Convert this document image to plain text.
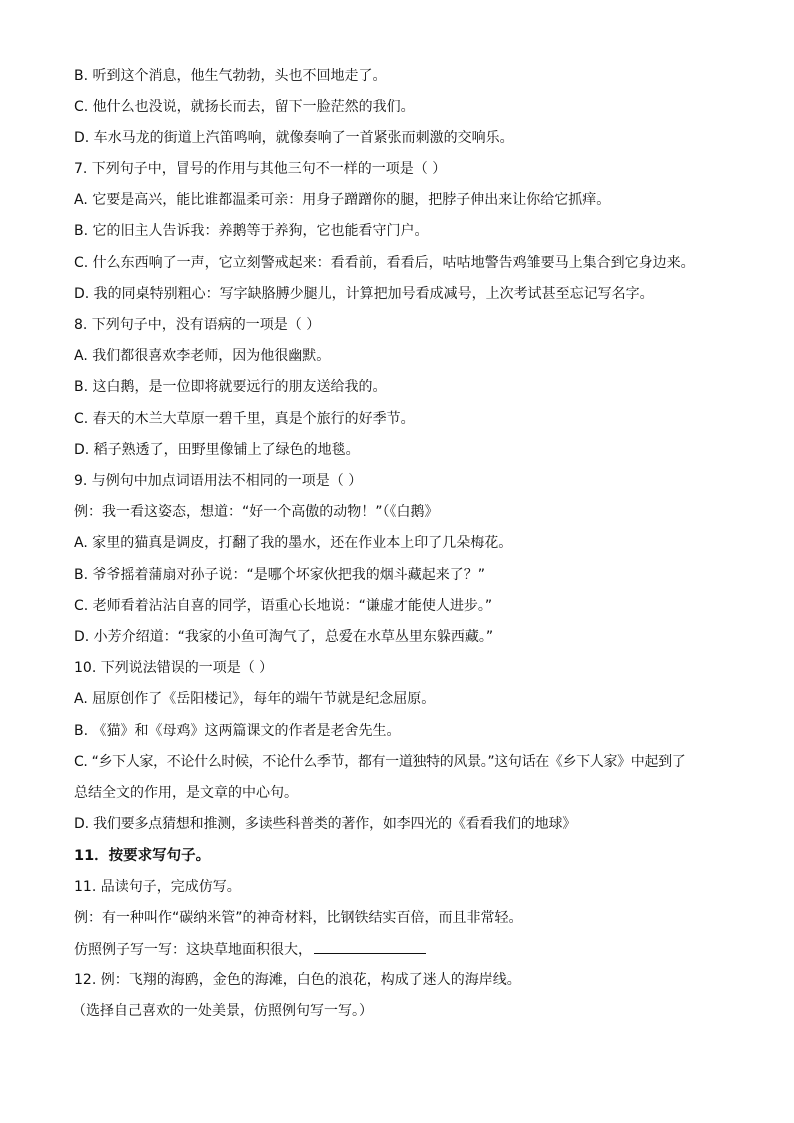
B. 听到这个消息，他生气勃勃，头也不回地走了。
C. 他什么也没说，就扬长而去，留下一脸茫然的我们。
D. 车水马龙的街道上汽笛鸣响，就像奏响了一首紧张而刺激的交响乐。
7. 下列句子中，冒号的作用与其他三句不一样的一项是（ ）
A. 它要是高兴，能比谁都温柔可亲：用身子蹭蹭你的腿，把脖子伸出来让你给它抓痒。
B. 它的旧主人告诉我：养鹅等于养狗，它也能看守门户。
C. 什么东西响了一声，它立刻警戒起来：看看前，看看后，咕咕地警告鸡雏要马上集合到它身边来。
D. 我的同桌特别粗心：写字缺胳膊少腿儿，计算把加号看成减号，上次考试甚至忘记写名字。
8. 下列句子中，没有语病的一项是（ ）
A. 我们都很喜欢李老师，因为他很幽默。
B. 这白鹅，是一位即将就要远行的朋友送给我的。
C. 春天的木兰大草原一碧千里，真是个旅行的好季节。
D. 稻子熟透了，田野里像铺上了绿色的地毯。
9. 与例句中加点词语用法不相同的一项是（ ）
例：我一看这姿态，想道：“好一个高傲的动物！”（《白鹅》
A. 家里的猫真是调皮，打翻了我的墨水，还在作业本上印了几朵梅花。
B. 爷爷摇着蒲扇对孙子说：“是哪个坏家伙把我的烟斗藏起来了？”
C. 老师看着沾沾自喜的同学，语重心长地说：“谦虚才能使人进步。”
D. 小芳介绍道：“我家的小鱼可淘气了，总爱在水草丛里东躲西藏。”
10. 下列说法错误的一项是（ ）
A. 屈原创作了《岳阳楼记》，每年的端午节就是纪念屈原。
B. 《猫》和《母鸡》这两篇课文的作者是老舍先生。
C. “乡下人家，不论什么时候，不论什么季节，都有一道独特的风景。”这句话在《乡下人家》中起到了
总结全文的作用，是文章的中心句。
D. 我们要多点猜想和推测，多读些科普类的著作，如李四光的《看看我们的地球》
11．按要求写句子。
11. 品读句子，完成仿写。
例：有一种叫作“碳纳米管”的神奇材料，比钢铁结实百倍，而且非常轻。
仿照例子写一写：这块草地面积很大，
12. 例：飞翔的海鸥，金色的海滩，白色的浪花，构成了迷人的海岸线。
（选择自己喜欢的一处美景，仿照例句写一写。）
